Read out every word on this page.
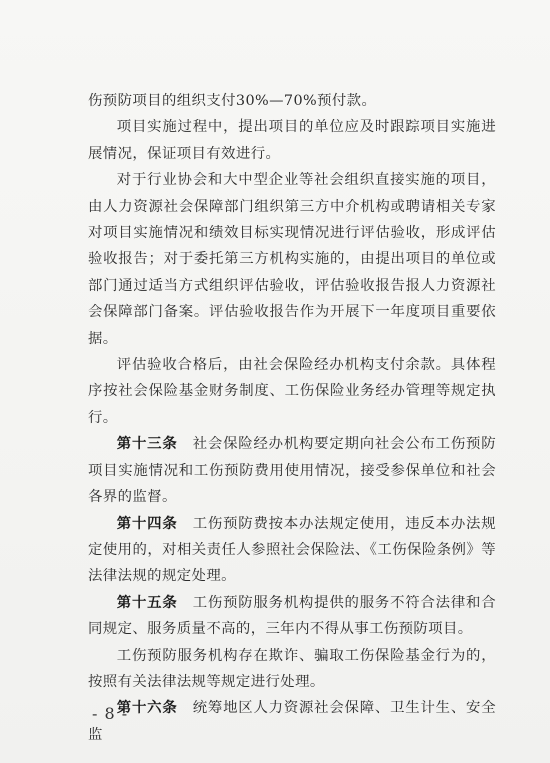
伤预防项目的组织支付30%—70%预付款。

项目实施过程中，提出项目的单位应及时跟踪项目实施进展情况，保证项目有效进行。

对于行业协会和大中型企业等社会组织直接实施的项目，由人力资源社会保障部门组织第三方中介机构或聘请相关专家对项目实施情况和绩效目标实现情况进行评估验收，形成评估验收报告；对于委托第三方机构实施的，由提出项目的单位或部门通过适当方式组织评估验收，评估验收报告报人力资源社会保障部门备案。评估验收报告作为开展下一年度项目重要依据。

评估验收合格后，由社会保险经办机构支付余款。具体程序按社会保险基金财务制度、工伤保险业务经办管理等规定执行。

第十三条　社会保险经办机构要定期向社会公布工伤预防项目实施情况和工伤预防费用使用情况，接受参保单位和社会各界的监督。

第十四条　工伤预防费按本办法规定使用，违反本办法规定使用的，对相关责任人参照社会保险法、《工伤保险条例》等法律法规的规定处理。

第十五条　工伤预防服务机构提供的服务不符合法律和合同规定、服务质量不高的，三年内不得从事工伤预防项目。

工伤预防服务机构存在欺诈、骗取工伤保险基金行为的，按照有关法律法规等规定进行处理。

第十六条　统筹地区人力资源社会保障、卫生计生、安全监

- 8 -
